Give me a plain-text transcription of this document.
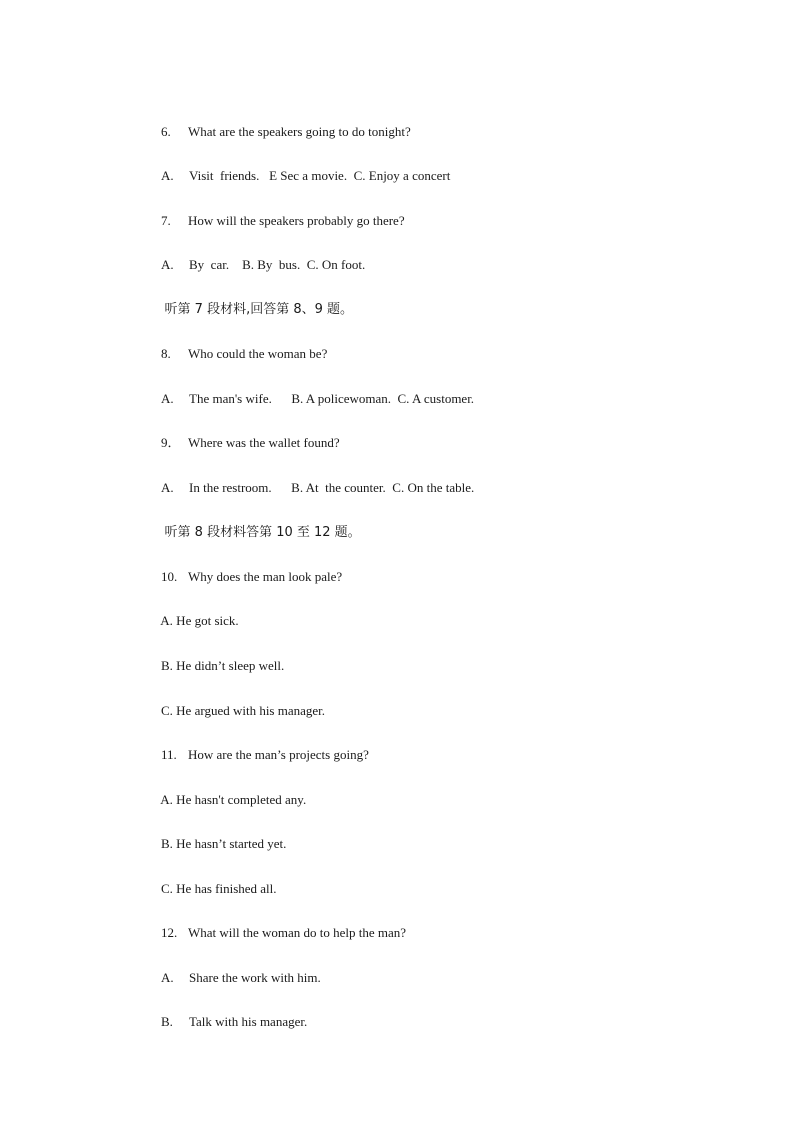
6. What are the speakers going to do tonight?

A. Visit  friends.   E Sec a movie.  C. Enjoy a concert

7. How will the speakers probably go there?

A. By  car.    B. By  bus.  C. On foot.

听第 7 段材料,回答第 8、9 题。

8. Who could the woman be?

A. The man's wife.      B. A policewoman.  C. A customer.

9． Where was the wallet found?

A. In the restroom.      B. At  the counter.  C. On the table.

听第 8 段材料答第 10 至 12 题。

10. Why does the man look pale?

A. He got sick.

B. He didn’t sleep well.

C. He argued with his manager.

11. How are the man’s projects going?

A. He hasn't completed any.

B. He hasn’t started yet.

C. He has finished all.

12. What will the woman do to help the man?

A. Share the work with him.

B. Talk with his manager.
